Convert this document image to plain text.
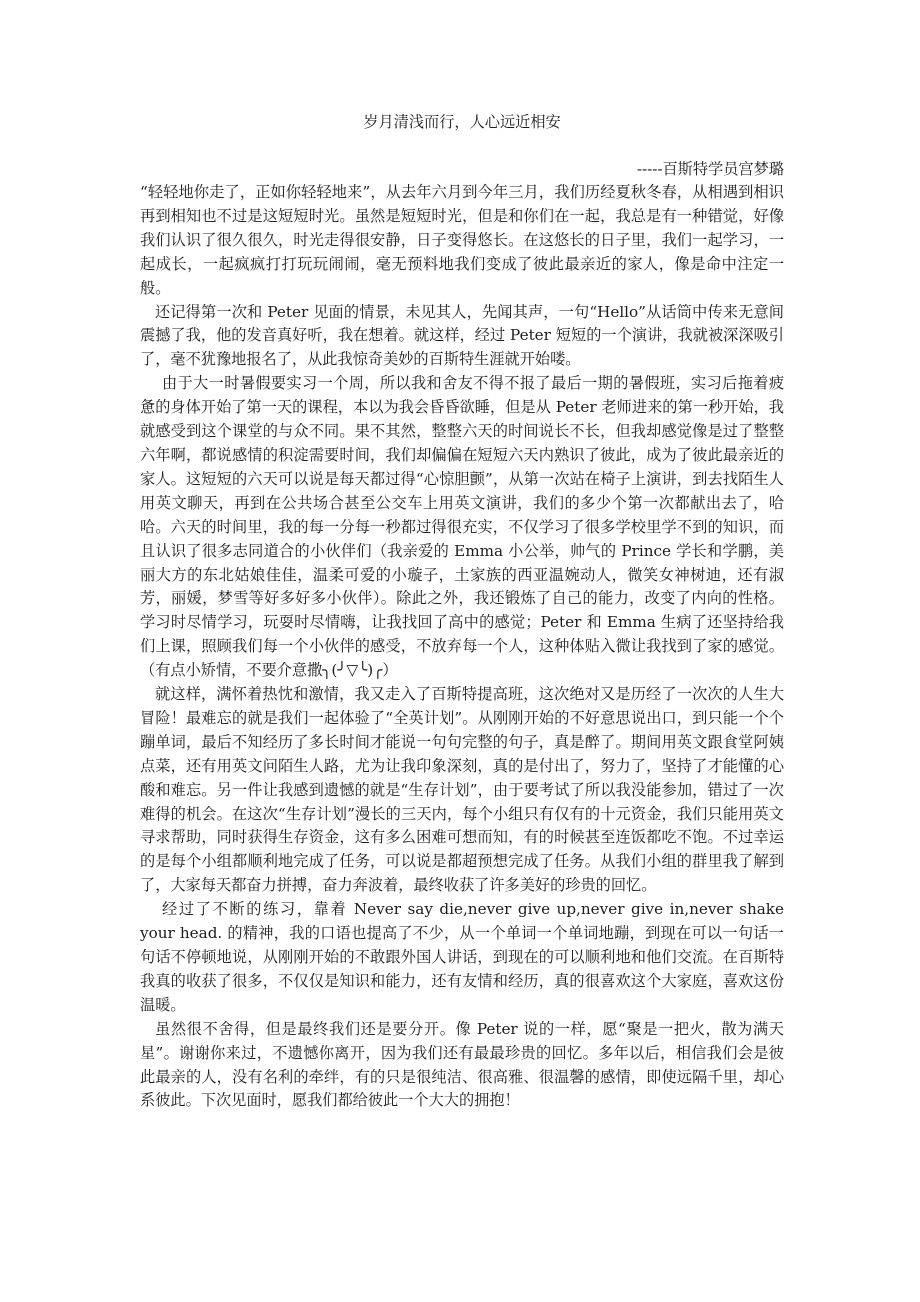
岁月清浅而行，人心远近相安
-----百斯特学员宫梦璐

“轻轻地你走了，正如你轻轻地来”，从去年六月到今年三月，我们历经夏秋冬春，从相遇到相识再到相知也不过是这短短时光。虽然是短短时光，但是和你们在一起，我总是有一种错觉，好像我们认识了很久很久，时光走得很安静，日子变得悠长。在这悠长的日子里，我们一起学习，一起成长，一起疯疯打打玩玩闹闹，毫无预料地我们变成了彼此最亲近的家人，像是命中注定一般。

还记得第一次和 Peter 见面的情景，未见其人，先闻其声，一句“Hello”从话筒中传来无意间震撼了我，他的发音真好听，我在想着。就这样，经过 Peter 短短的一个演讲，我就被深深吸引了，毫不犹豫地报名了，从此我惊奇美妙的百斯特生涯就开始喽。

由于大一时暑假要实习一个周，所以我和舍友不得不报了最后一期的暑假班，实习后拖着疲惫的身体开始了第一天的课程，本以为我会昏昏欲睡，但是从 Peter 老师进来的第一秒开始，我就感受到这个课堂的与众不同。果不其然，整整六天的时间说长不长，但我却感觉像是过了整整六年啊，都说感情的积淀需要时间，我们却偏偏在短短六天内熟识了彼此，成为了彼此最亲近的家人。这短短的六天可以说是每天都过得“心惊胆颤”，从第一次站在椅子上演讲，到去找陌生人用英文聊天，再到在公共场合甚至公交车上用英文演讲，我们的多少个第一次都献出去了，哈哈。六天的时间里，我的每一分每一秒都过得很充实，不仅学习了很多学校里学不到的知识，而且认识了很多志同道合的小伙伴们（我亲爱的 Emma 小公举，帅气的 Prince 学长和学鹏，美丽大方的东北姑娘佳佳，温柔可爱的小璇子，土家族的西亚温婉动人，微笑女神树迪，还有淑芳，丽媛，梦雪等好多好多小伙伴）。除此之外，我还锻炼了自己的能力，改变了内向的性格。学习时尽情学习，玩耍时尽情嗨，让我找回了高中的感觉；Peter 和 Emma 生病了还坚持给我们上课，照顾我们每一个小伙伴的感受，不放弃每一个人，这种体贴入微让我找到了家的感觉。（有点小矫情，不要介意撒╮(╯▽╰)╭）

就这样，满怀着热忱和激情，我又走入了百斯特提高班，这次绝对又是历经了一次次的人生大冒险！最难忘的就是我们一起体验了“全英计划”。从刚刚开始的不好意思说出口，到只能一个个蹦单词，最后不知经历了多长时间才能说一句句完整的句子，真是醉了。期间用英文跟食堂阿姨点菜，还有用英文问陌生人路，尤为让我印象深刻，真的是付出了，努力了，坚持了才能懂的心酸和难忘。另一件让我感到遗憾的就是“生存计划”，由于要考试了所以我没能参加，错过了一次难得的机会。在这次“生存计划”漫长的三天内，每个小组只有仅有的十元资金，我们只能用英文寻求帮助，同时获得生存资金，这有多么困难可想而知，有的时候甚至连饭都吃不饱。不过幸运的是每个小组都顺利地完成了任务，可以说是都超预想完成了任务。从我们小组的群里我了解到了，大家每天都奋力拼搏，奋力奔波着，最终收获了许多美好的珍贵的回忆。

经过了不断的练习，靠着 Never say die,never give up,never give in,never shake your head. 的精神，我的口语也提高了不少，从一个单词一个单词地蹦，到现在可以一句话一句话不停顿地说，从刚刚开始的不敢跟外国人讲话，到现在的可以顺利地和他们交流。在百斯特我真的收获了很多，不仅仅是知识和能力，还有友情和经历，真的很喜欢这个大家庭，喜欢这份温暖。

虽然很不舍得，但是最终我们还是要分开。像 Peter 说的一样，愿“聚是一把火，散为满天星”。谢谢你来过，不遗憾你离开，因为我们还有最最珍贵的回忆。多年以后，相信我们会是彼此最亲的人，没有名利的牵绊，有的只是很纯洁、很高雅、很温馨的感情，即使远隔千里，却心系彼此。下次见面时，愿我们都给彼此一个大大的拥抱！
